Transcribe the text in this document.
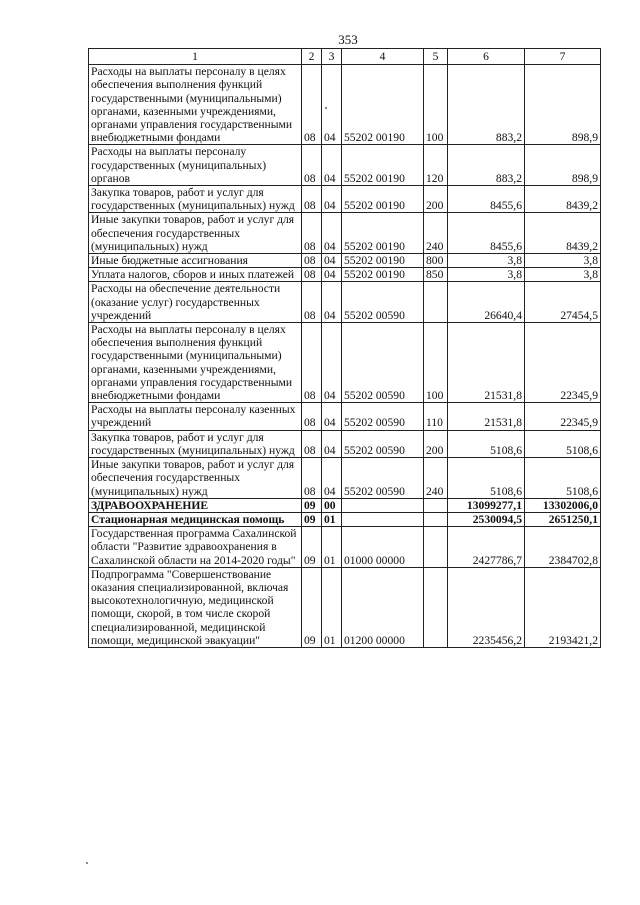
353
1	2	3	4	5	6	7
Расходы на выплаты персоналу в целях обеспечения выполнения функций государственными (муниципальными) органами, казенными учреждениями, органами управления государственными внебюджетными фондами	08	04	55202 00190	100	883,2	898,9
Расходы на выплаты персоналу государственных (муниципальных) органов	08	04	55202 00190	120	883,2	898,9
Закупка товаров, работ и услуг для государственных (муниципальных) нужд	08	04	55202 00190	200	8455,6	8439,2
Иные закупки товаров, работ и услуг для обеспечения государственных (муниципальных) нужд	08	04	55202 00190	240	8455,6	8439,2
Иные бюджетные ассигнования	08	04	55202 00190	800	3,8	3,8
Уплата налогов, сборов и иных платежей	08	04	55202 00190	850	3,8	3,8
Расходы на обеспечение деятельности (оказание услуг) государственных учреждений	08	04	55202 00590		26640,4	27454,5
Расходы на выплаты персоналу в целях обеспечения выполнения функций государственными (муниципальными) органами, казенными учреждениями, органами управления государственными внебюджетными фондами	08	04	55202 00590	100	21531,8	22345,9
Расходы на выплаты персоналу казенных учреждений	08	04	55202 00590	110	21531,8	22345,9
Закупка товаров, работ и услуг для государственных (муниципальных) нужд	08	04	55202 00590	200	5108,6	5108,6
Иные закупки товаров, работ и услуг для обеспечения государственных (муниципальных) нужд	08	04	55202 00590	240	5108,6	5108,6
ЗДРАВООХРАНЕНИЕ	09	00			13099277,1	13302006,0
Стационарная медицинская помощь	09	01			2530094,5	2651250,1
Государственная программа Сахалинской области "Развитие здравоохранения в Сахалинской области на 2014-2020 годы"	09	01	01000 00000		2427786,7	2384702,8
Подпрограмма "Совершенствование оказания специализированной, включая высокотехнологичную, медицинской помощи, скорой, в том числе скорой специализированной, медицинской помощи, медицинской эвакуации"	09	01	01200 00000		2235456,2	2193421,2
